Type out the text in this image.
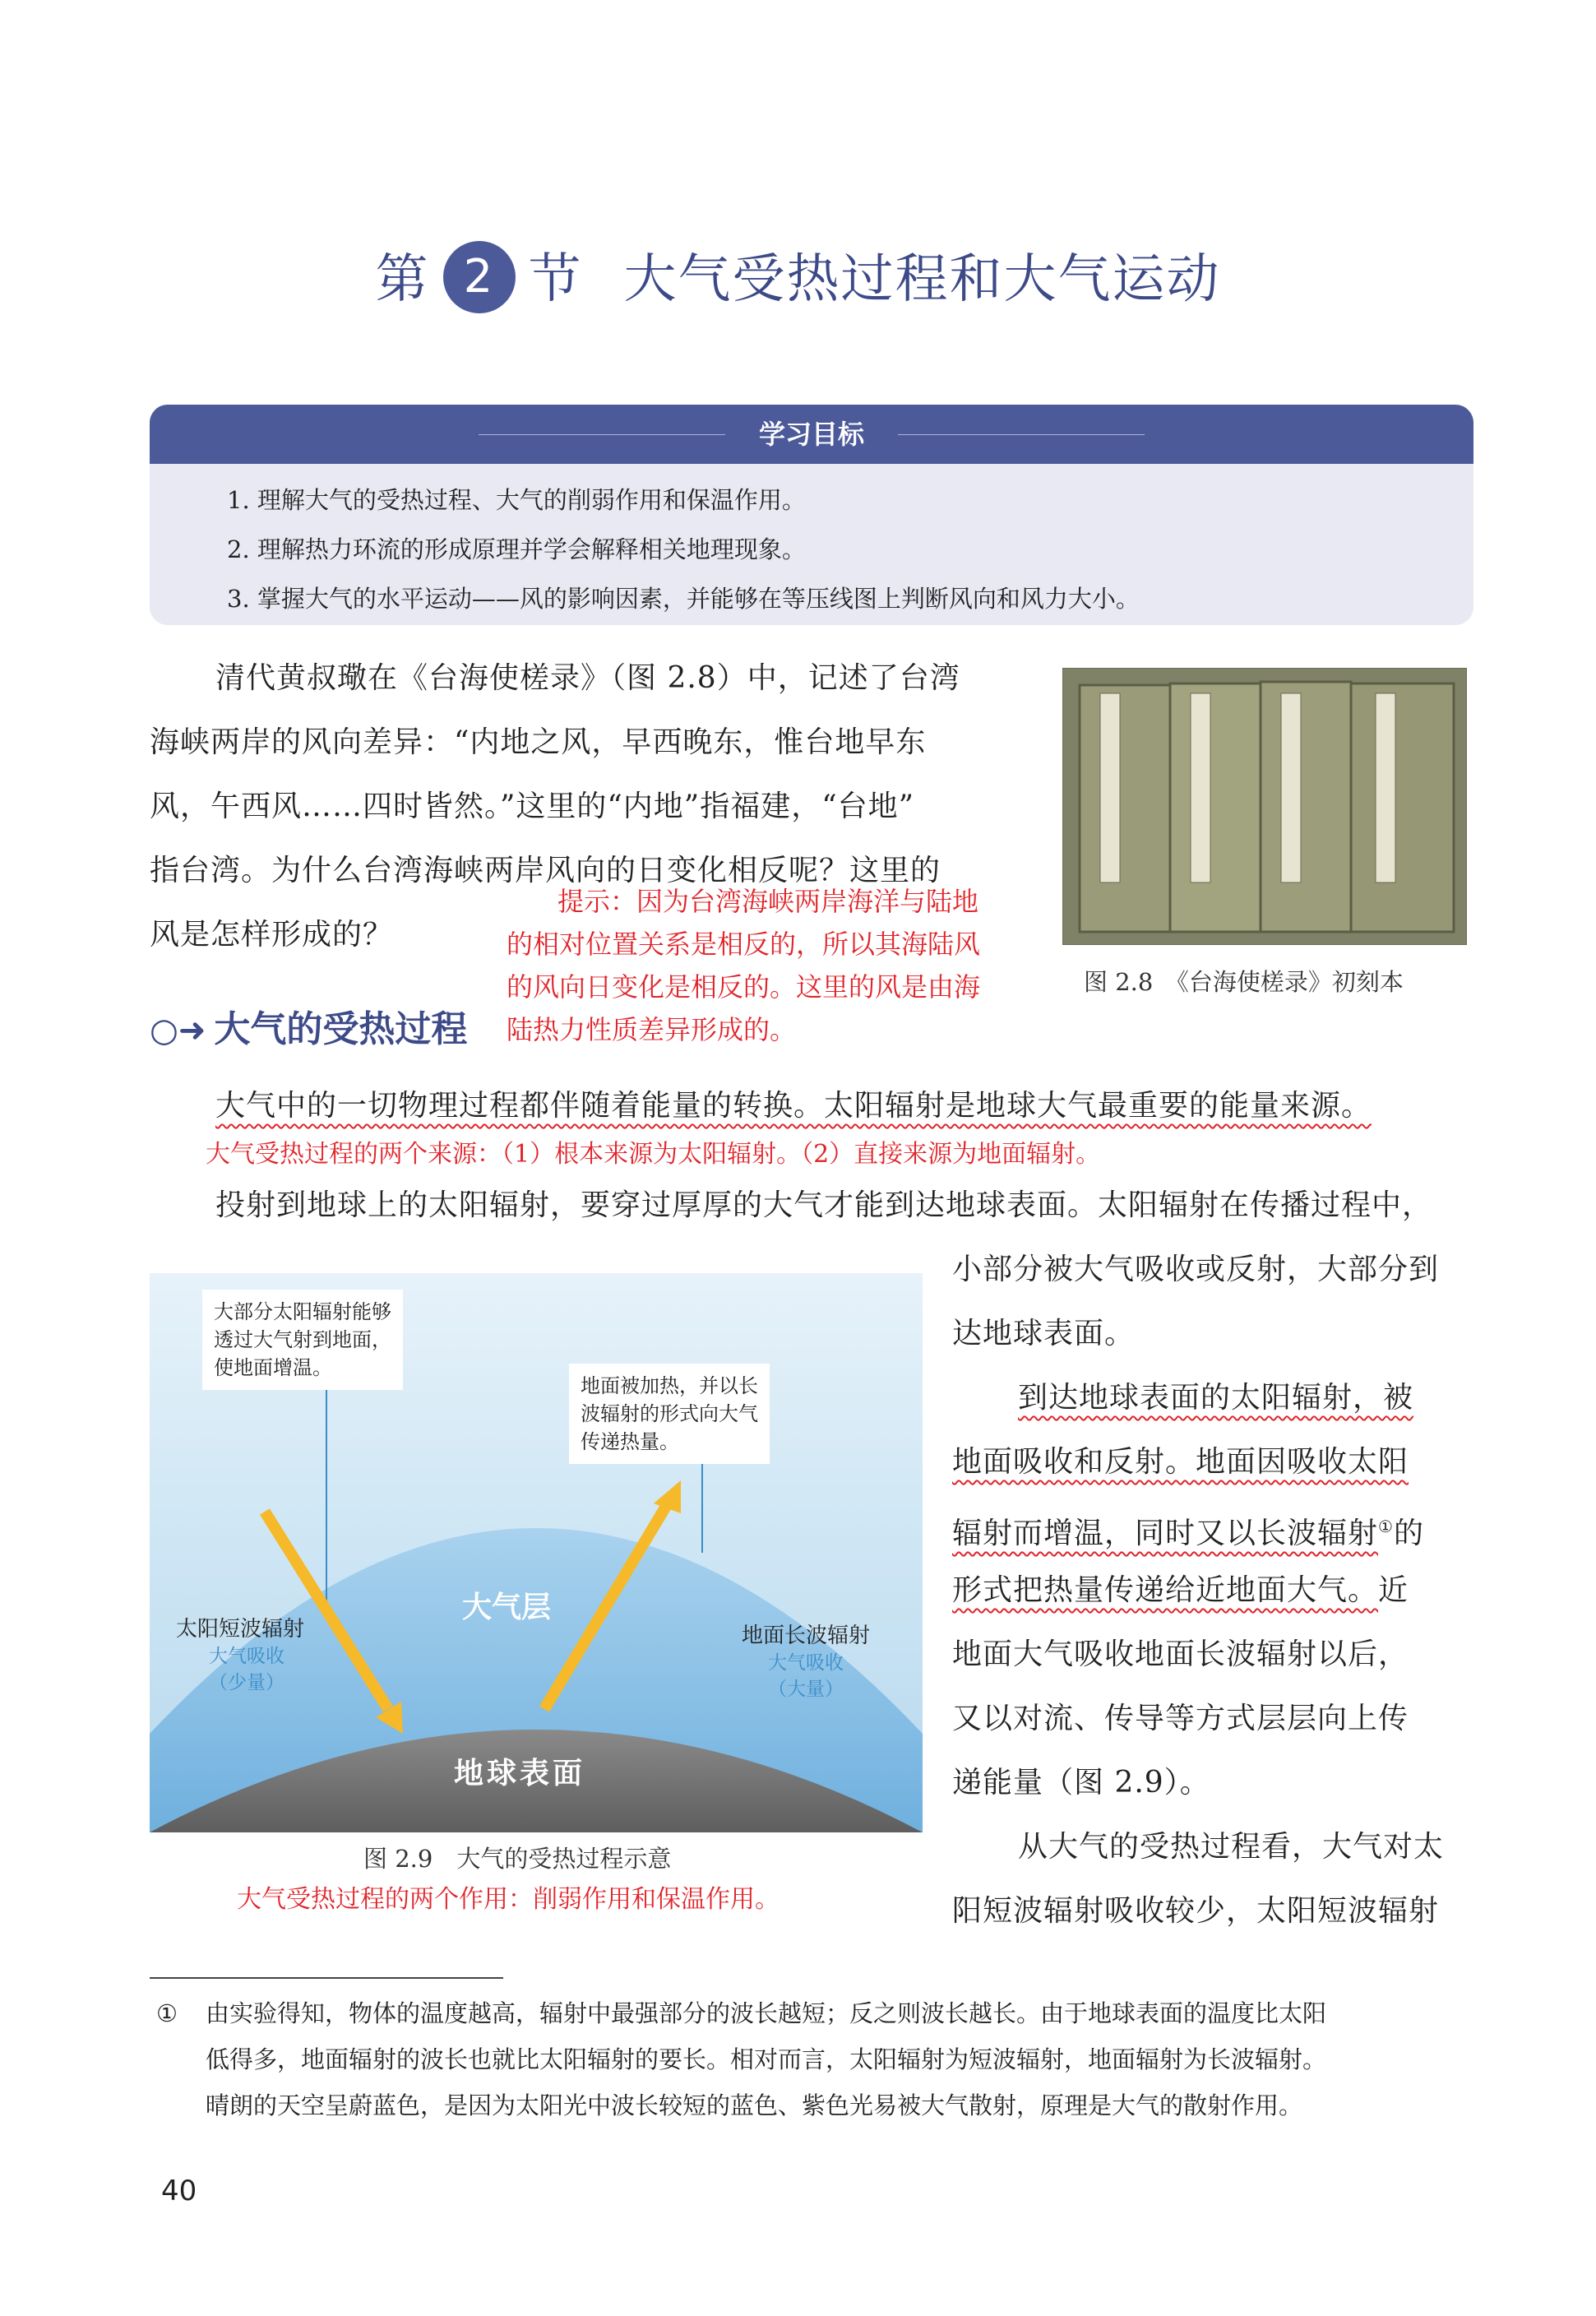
第 2 节 大气受热过程和大气运动
学习目标
1. 理解大气的受热过程、大气的削弱作用和保温作用。
2. 理解热力环流的形成原理并学会解释相关地理现象。
3. 掌握大气的水平运动——风的影响因素，并能够在等压线图上判断风向和风力大小。
清代黄叔璥在《台海使槎录》（图 2.8）中，记述了台湾
海峡两岸的风向差异：“内地之风，早西晚东，惟台地早东
风，午西风……四时皆然。”这里的“内地”指福建，“台地”
指台湾。为什么台湾海峡两岸风向的日变化相反呢？这里的
风是怎样形成的？
提示：因为台湾海峡两岸海洋与陆地
的相对位置关系是相反的，所以其海陆风
的风向日变化是相反的。这里的风是由海
陆热力性质差异形成的。
图 2.8　《台海使槎录》初刻本
○➜ 大气的受热过程
大气中的一切物理过程都伴随着能量的转换。太阳辐射是地球大气最重要的能量来源。
大气受热过程的两个来源：（1）根本来源为太阳辐射。（2）直接来源为地面辐射。
投射到地球上的太阳辐射，要穿过厚厚的大气才能到达地球表面。太阳辐射在传播过程中，
小部分被大气吸收或反射，大部分到
达地球表面。
到达地球表面的太阳辐射，被
地面吸收和反射。地面因吸收太阳
辐射而增温，同时又以长波辐射①的
形式把热量传递给近地面大气。近
地面大气吸收地面长波辐射以后，
又以对流、传导等方式层层向上传
递能量（图 2.9）。
从大气的受热过程看，大气对太
阳短波辐射吸收较少，太阳短波辐射
大部分太阳辐射能够
透过大气射到地面，
使地面增温。
地面被加热，并以长
波辐射的形式向大气
传递热量。
大气层
地球表面
太阳短波辐射
大气吸收
（少量）
地面长波辐射
大气吸收
（大量）
图 2.9　大气的受热过程示意
大气受热过程的两个作用：削弱作用和保温作用。
① 由实验得知，物体的温度越高，辐射中最强部分的波长越短；反之则波长越长。由于地球表面的温度比太阳
低得多，地面辐射的波长也就比太阳辐射的要长。相对而言，太阳辐射为短波辐射，地面辐射为长波辐射。
晴朗的天空呈蔚蓝色，是因为太阳光中波长较短的蓝色、紫色光易被大气散射，原理是大气的散射作用。
40
